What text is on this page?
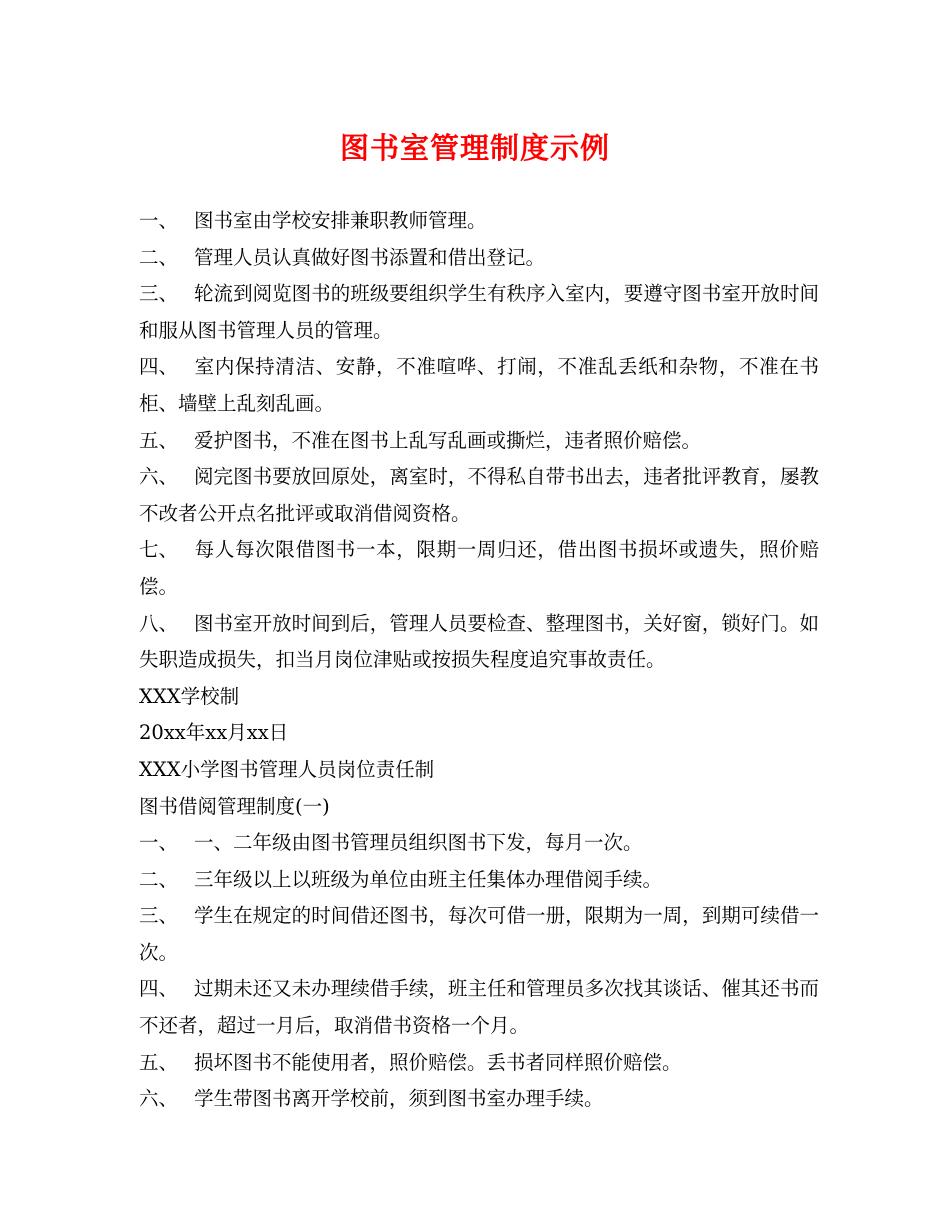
图书室管理制度示例

一、 图书室由学校安排兼职教师管理。

二、 管理人员认真做好图书添置和借出登记。

三、 轮流到阅览图书的班级要组织学生有秩序入室内，要遵守图书室开放时间和服从图书管理人员的管理。

四、 室内保持清洁、安静，不准喧哗、打闹，不准乱丢纸和杂物，不准在书柜、墙壁上乱刻乱画。

五、 爱护图书，不准在图书上乱写乱画或撕烂，违者照价赔偿。

六、 阅完图书要放回原处，离室时，不得私自带书出去，违者批评教育，屡教不改者公开点名批评或取消借阅资格。

七、 每人每次限借图书一本，限期一周归还，借出图书损坏或遗失，照价赔偿。

八、 图书室开放时间到后，管理人员要检查、整理图书，关好窗，锁好门。如失职造成损失，扣当月岗位津贴或按损失程度追究事故责任。

XXX学校制

20xx年xx月xx日

XXX小学图书管理人员岗位责任制

图书借阅管理制度(一)

一、 一、二年级由图书管理员组织图书下发，每月一次。

二、 三年级以上以班级为单位由班主任集体办理借阅手续。

三、 学生在规定的时间借还图书，每次可借一册，限期为一周，到期可续借一次。

四、 过期未还又未办理续借手续，班主任和管理员多次找其谈话、催其还书而不还者，超过一月后，取消借书资格一个月。

五、 损坏图书不能使用者，照价赔偿。丢书者同样照价赔偿。

六、 学生带图书离开学校前，须到图书室办理手续。
